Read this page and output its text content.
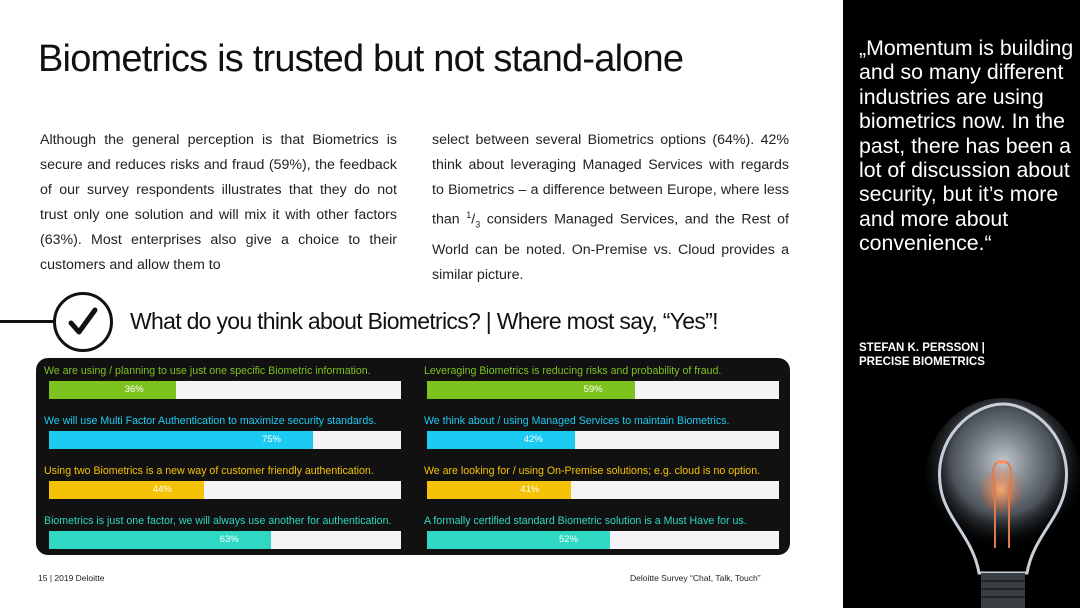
Biometrics is trusted but not stand-alone
Although the general perception is that Biometrics is secure and reduces risks and fraud (59%), the feedback of our survey respondents illustrates that they do not trust only one solution and will mix it with other factors (63%). Most enterprises also give a choice to their customers and allow them to
select between several Biometrics options (64%). 42% think about leveraging Managed Services with regards to Biometrics – a difference between Europe, where less than $^1/_3$ considers Managed Services, and the Rest of World can be noted. On-Premise vs. Cloud provides a similar picture.
What do you think about Biometrics? | Where most say, “Yes”!
We are using / planning to use just one specific Biometric information.
36%
Leveraging Biometrics is reducing risks and probability of fraud.
59%
We will use Multi Factor Authentication to maximize security standards.
75%
We think about / using Managed Services to maintain Biometrics.
42%
Using two Biometrics is a new way of customer friendly authentication.
44%
We are looking for / using On-Premise solutions; e.g. cloud is no option.
41%
Biometrics is just one factor, we will always use another for authentication.
63%
A formally certified standard Biometric solution is a Must Have for us.
52%
15 | 2019 Deloitte	Deloitte Survey “Chat, Talk, Touch”
„Momentum is building and so many different industries are using biometrics now. In the past, there has been a lot of discussion about security, but it’s more and more about convenience.“
STEFAN K. PERSSON |
PRECISE BIOMETRICS
